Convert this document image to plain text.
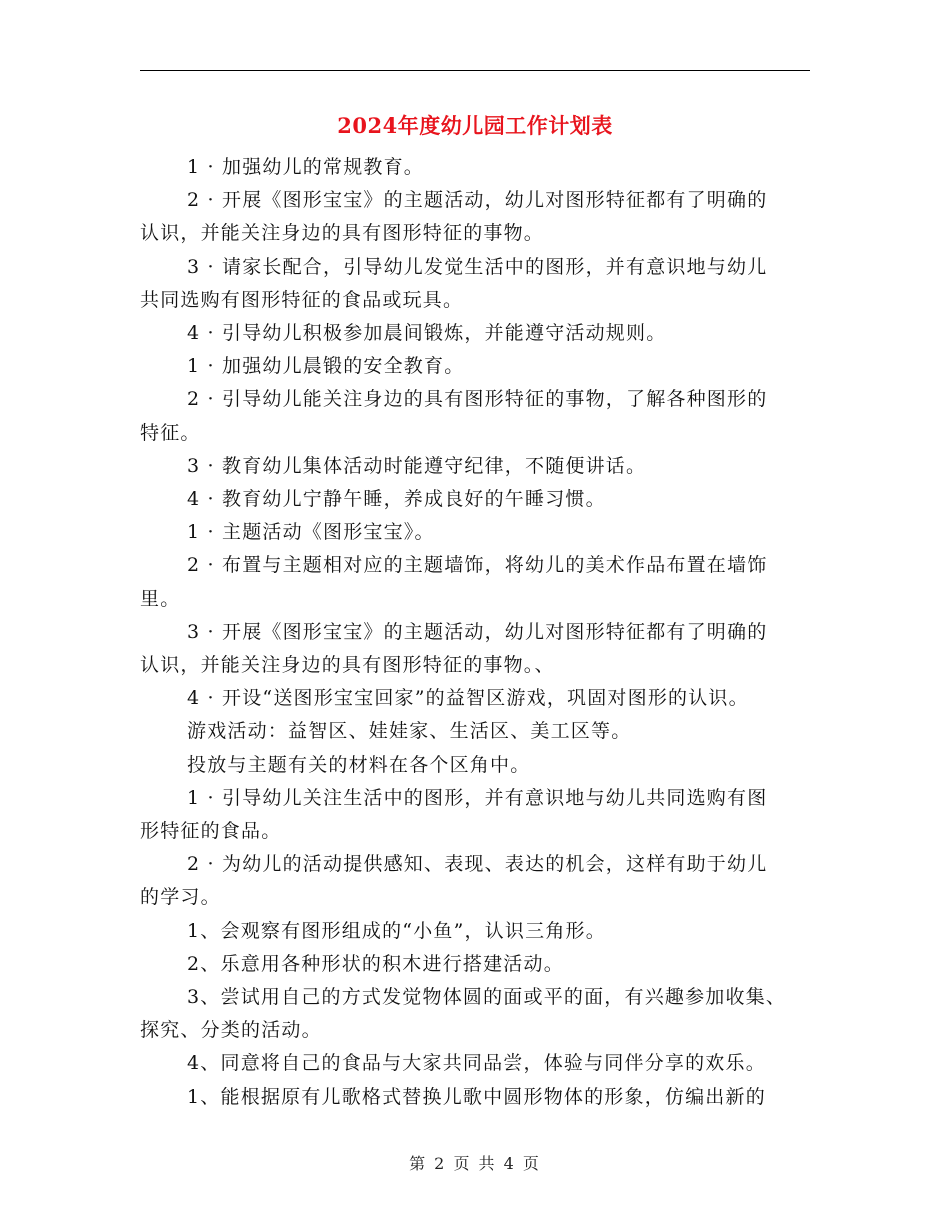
2024年度幼儿园工作计划表

1 · 加强幼儿的常规教育。

2 · 开展《图形宝宝》的主题活动，幼儿对图形特征都有了明确的
认识，并能关注身边的具有图形特征的事物。

3 · 请家长配合，引导幼儿发觉生活中的图形，并有意识地与幼儿
共同选购有图形特征的食品或玩具。

4 · 引导幼儿积极参加晨间锻炼，并能遵守活动规则。

1 · 加强幼儿晨锻的安全教育。

2 · 引导幼儿能关注身边的具有图形特征的事物，了解各种图形的
特征。

3 · 教育幼儿集体活动时能遵守纪律，不随便讲话。

4 · 教育幼儿宁静午睡，养成良好的午睡习惯。

1 · 主题活动《图形宝宝》。

2 · 布置与主题相对应的主题墙饰，将幼儿的美术作品布置在墙饰
里。

3 · 开展《图形宝宝》的主题活动，幼儿对图形特征都有了明确的
认识，并能关注身边的具有图形特征的事物。、

4 · 开设“送图形宝宝回家”的益智区游戏，巩固对图形的认识。

游戏活动：益智区、娃娃家、生活区、美工区等。

投放与主题有关的材料在各个区角中。

1 · 引导幼儿关注生活中的图形，并有意识地与幼儿共同选购有图
形特征的食品。

2 · 为幼儿的活动提供感知、表现、表达的机会，这样有助于幼儿
的学习。

1、会观察有图形组成的“小鱼”，认识三角形。

2、乐意用各种形状的积木进行搭建活动。

3、尝试用自己的方式发觉物体圆的面或平的面，有兴趣参加收集、
探究、分类的活动。

4、同意将自己的食品与大家共同品尝，体验与同伴分享的欢乐。

1、能根据原有儿歌格式替换儿歌中圆形物体的形象，仿编出新的

第 2 页 共 4 页
